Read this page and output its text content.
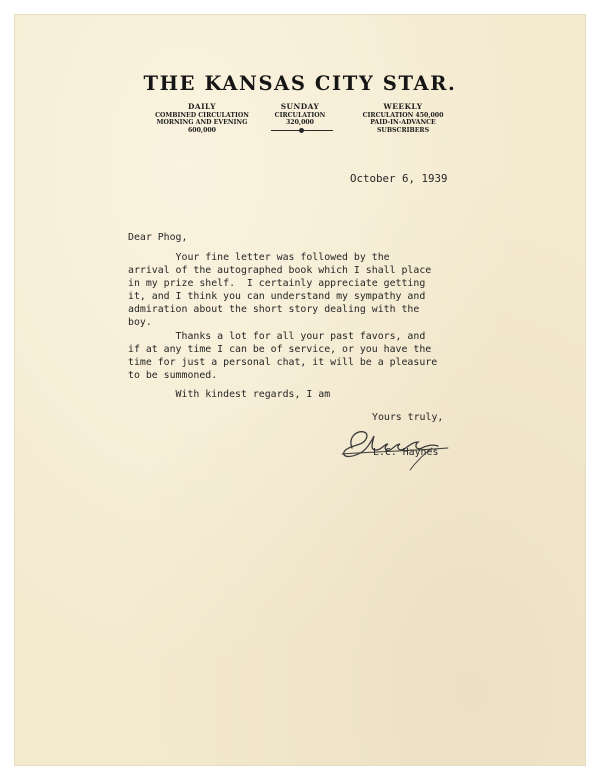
THE KANSAS CITY STAR.
DAILY
COMBINED CIRCULATION
MORNING AND EVENING
600,000
SUNDAY
CIRCULATION
320,000
WEEKLY
CIRCULATION 450,000
PAID-IN-ADVANCE
SUBSCRIBERS
October 6, 1939
Dear Phog,
Your fine letter was followed by the
arrival of the autographed book which I shall place
in my prize shelf.  I certainly appreciate getting
it, and I think you can understand my sympathy and
admiration about the short story dealing with the
boy.
Thanks a lot for all your past favors, and
if at any time I can be of service, or you have the
time for just a personal chat, it will be a pleasure
to be summoned.
With kindest regards, I am
Yours truly,
L.C. Haynes
